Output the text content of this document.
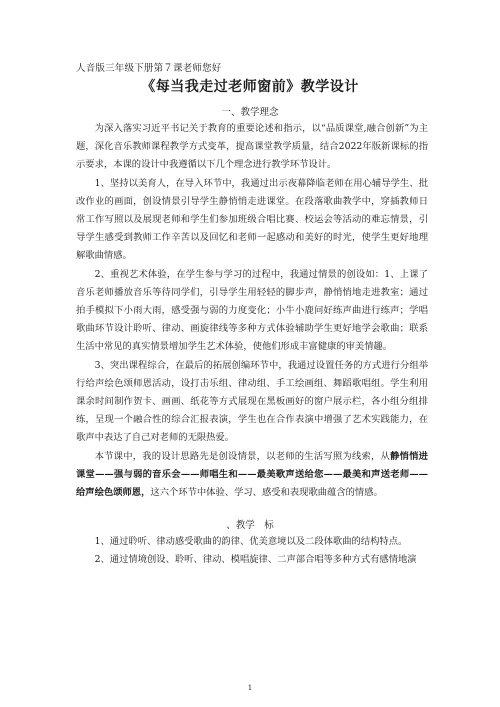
人音版三年级下册第７课老师您好
《每当我走过老师窗前》教学设计
一、教学理念

为深入落实习近平书记关于教育的重要论述和指示，以“品质课堂,融合创新”为主题，深化音乐教师课程教学方式变革，提高课堂教学质量，结合2022年版新课标的指示要求，本课的设计中我遵循以下几个理念进行教学环节设计。

1、坚持以美育人，在导入环节中，我通过出示夜幕降临老师在用心辅导学生、批改作业的画面，创设情景引导学生静悄悄走进课堂。在段落歌曲教学中，穿插教师日常工作写照以及展现老师和学生们参加班级合唱比赛、校运会等活动的难忘情景，引导学生感受到教师工作辛苦以及回忆和老师一起感动和美好的时光，使学生更好地理解歌曲情感。

2、重视艺术体验，在学生参与学习的过程中，我通过情景的创设如：1、上课了音乐老师播放音乐等待同学们，引导学生用轻轻的脚步声，静悄悄地走进教室；通过拍手模拟下小雨大雨，感受强与弱的力度变化；小牛小鹿问好练声曲进行练声；学唱歌曲环节设计聆听、律动、画旋律线等多种方式体验辅助学生更好地学会歌曲；联系生活中常见的真实情景增加学生艺术体验，使他们形成丰富健康的审美情趣。

3、突出课程综合，在最后的拓展创编环节中，我通过设置任务的方式进行分组举行给声绘色颂师恩活动，设打击乐组、律动组、手工绘画组、舞蹈歌唱组。学生利用课余时间制作贺卡、画画、纸花等方式展现在黑板画好的窗户展示栏，各小组分组排练，呈现一个融合性的综合汇报表演，学生也在合作表演中增强了艺术实践能力，在歌声中表达了自己对老师的无限热爱。

本节课中，我的设计思路先是创设情景，以老师的生活写照为线索，从静悄悄进课堂——强与弱的音乐会——师唱生和——最美歌声送给您——最美和声送老师——给声绘色颂师恩，这六个环节中体验、学习、感受和表现歌曲蕴含的情感。

、教学　标

1、通过聆听、律动感受歌曲的韵律、优美意境以及二段体歌曲的结构特点。

2、通过情境创设、聆听、律动、模唱旋律、二声部合唱等多种方式有感情地演

1
